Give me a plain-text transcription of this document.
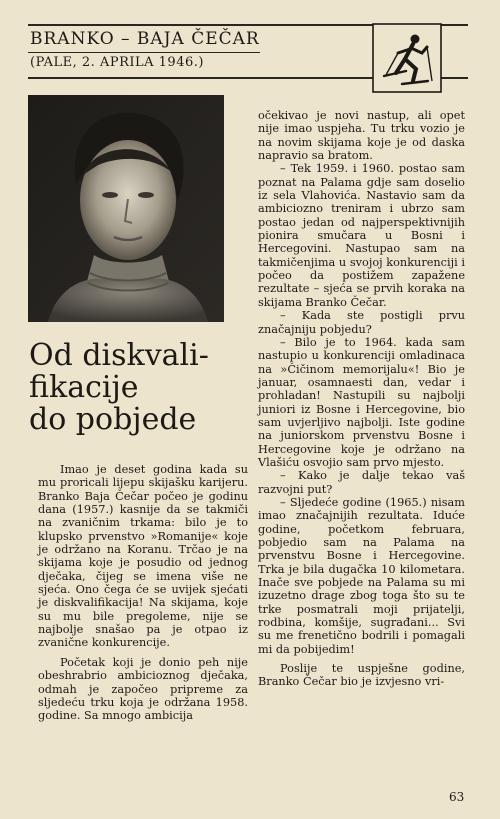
BRANKO – BAJA ČEČAR
(PALE, 2. APRILA 1946.)
Od diskvali-
fikacije
do pobjede

Imao je deset godina kada su mu proricali lijepu skijašku karijeru. Branko Baja Čečar počeo je godinu dana (1957.) kasnije da se takmiči na zvaničnim trkama: bilo je to klupsko prvenstvo »Romanije« koje je održano na Koranu. Trčao je na skijama koje je posudio od jednog dječaka, čijeg se imena više ne sjeća. Ono čega će se uvijek sjećati je diskvalifikacija! Na skijama, koje su mu bile pregoleme, nije se najbolje snašao pa je otpao iz zvanične konkurencije.

Početak koji je donio peh nije obeshrabrio ambicioznog dječaka, odmah je započeo pripreme za sljedeću trku koja je održana 1958. godine. Sa mnogo ambicija

očekivao je novi nastup, ali opet nije imao uspjeha. Tu trku vozio je na novim skijama koje je od daska napravio sa bratom.

– Tek 1959. i 1960. postao sam poznat na Palama gdje sam doselio iz sela Vlahovića. Nastavio sam da ambiciozno treniram i ubrzo sam postao jedan od najperspektivnijih pionira smučara u Bosni i Hercegovini. Nastupao sam na takmičenjima u svojoj konkurenciji i počeo da postižem zapažene rezultate – sjeća se prvih koraka na skijama Branko Čečar.

– Kada ste postigli prvu značajniju pobjedu?

– Bilo je to 1964. kada sam nastupio u konkurenciji omladinaca na »Čičinom memorijalu«! Bio je januar, osamnaesti dan, vedar i prohladan! Nastupili su najbolji juniori iz Bosne i Hercegovine, bio sam uvjerljivo najbolji. Iste godine na juniorskom prvenstvu Bosne i Hercegovine koje je održano na Vlašiću osvojio sam prvo mjesto.

– Kako je dalje tekao vaš razvojni put?

– Sljedeće godine (1965.) nisam imao značajnijih rezultata. Iduće godine, početkom februara, pobjedio sam na Palama na prvenstvu Bosne i Hercegovine. Trka je bila dugačka 10 kilometara. Inače sve pobjede na Palama su mi izuzetno drage zbog toga što su te trke posmatrali moji prijatelji, rodbina, komšije, sugrađani... Svi su me frenetično bodrili i pomagali mi da pobijedim!

Poslije te uspješne godine, Branko Čečar bio je izvjesno vri-

63
